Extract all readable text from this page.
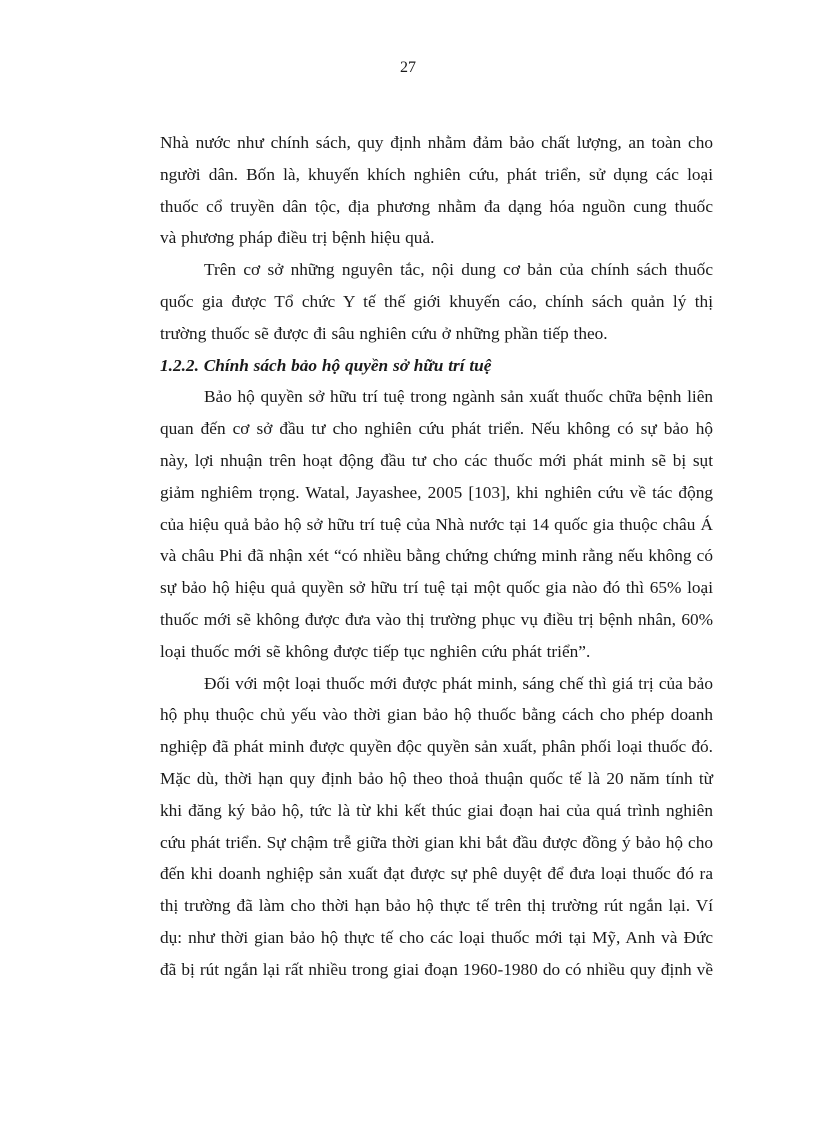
27
Nhà nước như chính sách, quy định nhằm đảm bảo chất lượng, an toàn cho
người dân. Bốn là, khuyến khích nghiên cứu, phát triển, sử dụng các loại
thuốc cổ truyền dân tộc, địa phương nhằm đa dạng hóa nguồn cung thuốc
và phương pháp điều trị bệnh hiệu quả.
Trên cơ sở những nguyên tắc, nội dung cơ bản của chính sách thuốc
quốc gia được Tổ chức Y tế thế giới khuyến cáo, chính sách quản lý thị
trường thuốc sẽ được đi sâu nghiên cứu ở những phần tiếp theo.
1.2.2. Chính sách bảo hộ quyền sở hữu trí tuệ
Bảo hộ quyền sở hữu trí tuệ trong ngành sản xuất thuốc chữa bệnh liên
quan đến cơ sở đầu tư cho nghiên cứu phát triển. Nếu không có sự bảo hộ
này, lợi nhuận trên hoạt động đầu tư cho các thuốc mới phát minh sẽ bị sụt
giảm nghiêm trọng. Watal, Jayashee, 2005 [103], khi nghiên cứu về tác động
của hiệu quả bảo hộ sở hữu trí tuệ của Nhà nước tại 14 quốc gia thuộc châu Á
và châu Phi đã nhận xét “có nhiều bằng chứng chứng minh rằng nếu không có
sự bảo hộ hiệu quả quyền sở hữu trí tuệ tại một quốc gia nào đó thì 65% loại
thuốc mới sẽ không được đưa vào thị trường phục vụ điều trị bệnh nhân, 60%
loại thuốc mới sẽ không được tiếp tục nghiên cứu phát triển”.
Đối với một loại thuốc mới được phát minh, sáng chế thì giá trị của bảo
hộ phụ thuộc chủ yếu vào thời gian bảo hộ thuốc bằng cách cho phép doanh
nghiệp đã phát minh được quyền độc quyền sản xuất, phân phối loại thuốc đó.
Mặc dù, thời hạn quy định bảo hộ theo thoả thuận quốc tế là 20 năm tính từ
khi đăng ký bảo hộ, tức là từ khi kết thúc giai đoạn hai của quá trình nghiên
cứu phát triển. Sự chậm trễ giữa thời gian khi bắt đầu được đồng ý bảo hộ cho
đến khi doanh nghiệp sản xuất đạt được sự phê duyệt để đưa loại thuốc đó ra
thị trường đã làm cho thời hạn bảo hộ thực tế trên thị trường rút ngắn lại. Ví
dụ: như thời gian bảo hộ thực tế cho các loại thuốc mới tại Mỹ, Anh và Đức
đã bị rút ngắn lại rất nhiều trong giai đoạn 1960-1980 do có nhiều quy định về
